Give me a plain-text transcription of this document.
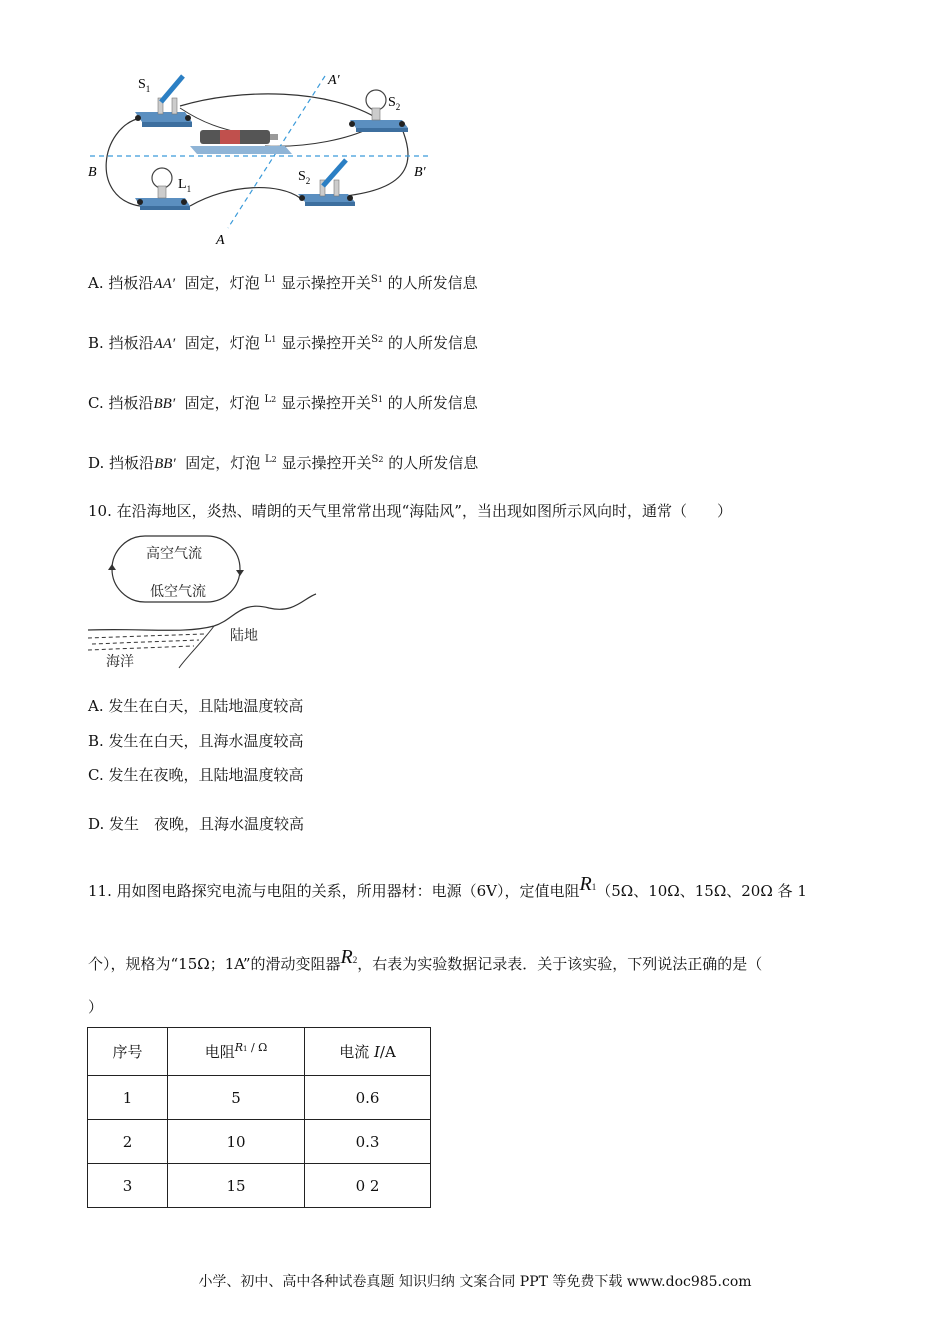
$S_1$
$S_2$
$S_2$
$L_1$
A′
A
B	B′
A. 挡板沿AA′ 固定，灯泡 $^{L1}$ 显示操控开关$^{S1}$ 的人所发信息
B. 挡板沿AA′ 固定，灯泡 $^{L1}$ 显示操控开关$^{S2}$ 的人所发信息
C. 挡板沿BB′ 固定，灯泡 $^{L2}$ 显示操控开关$^{S1}$ 的人所发信息
D. 挡板沿BB′ 固定，灯泡 $^{L2}$ 显示操控开关$^{S2}$ 的人所发信息
10. 在沿海地区，炎热、晴朗的天气里常常出现“海陆风”，当出现如图所示风向时，通常（　　）
高空气流
低空气流
陆地
海洋
A. 发生在白天，且陆地温度较高
B. 发生在白天，且海水温度较高
C. 发生在夜晚，且陆地温度较高
D. 发生　夜晚，且海水温度较高
11. 用如图电路探究电流与电阻的关系，所用器材：电源（6V），定值电阻$^{R1}$（5Ω、10Ω、15Ω、20Ω 各 1
个），规格为“15Ω；1A”的滑动变阻器$^{R2}$，右表为实验数据记录表．关于该实验，下列说法正确的是（
）
序号	电阻$^{R1 / \Omega}$	电流 I/A
1	5	0.6
2	10	0.3
3	15	0 2
小学、初中、高中各种试卷真题 知识归纳 文案合同 PPT 等免费下载 www.doc985.com
